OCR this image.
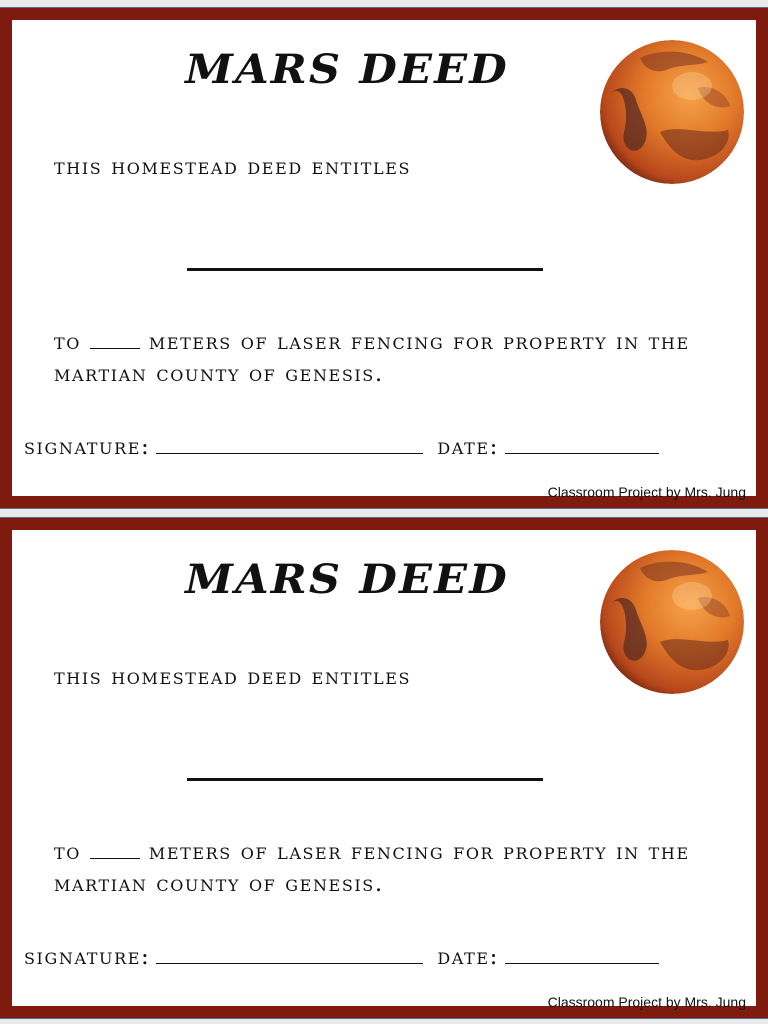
MARS DEED

this homestead deed entitles

to	meters of laser fencing for property in the martian county of genesis.

signature:	date:
Classroom Project by Mrs. Jung
MARS DEED

this homestead deed entitles

to	meters of laser fencing for property in the martian county of genesis.

signature:	date:
Classroom Project by Mrs. Jung
